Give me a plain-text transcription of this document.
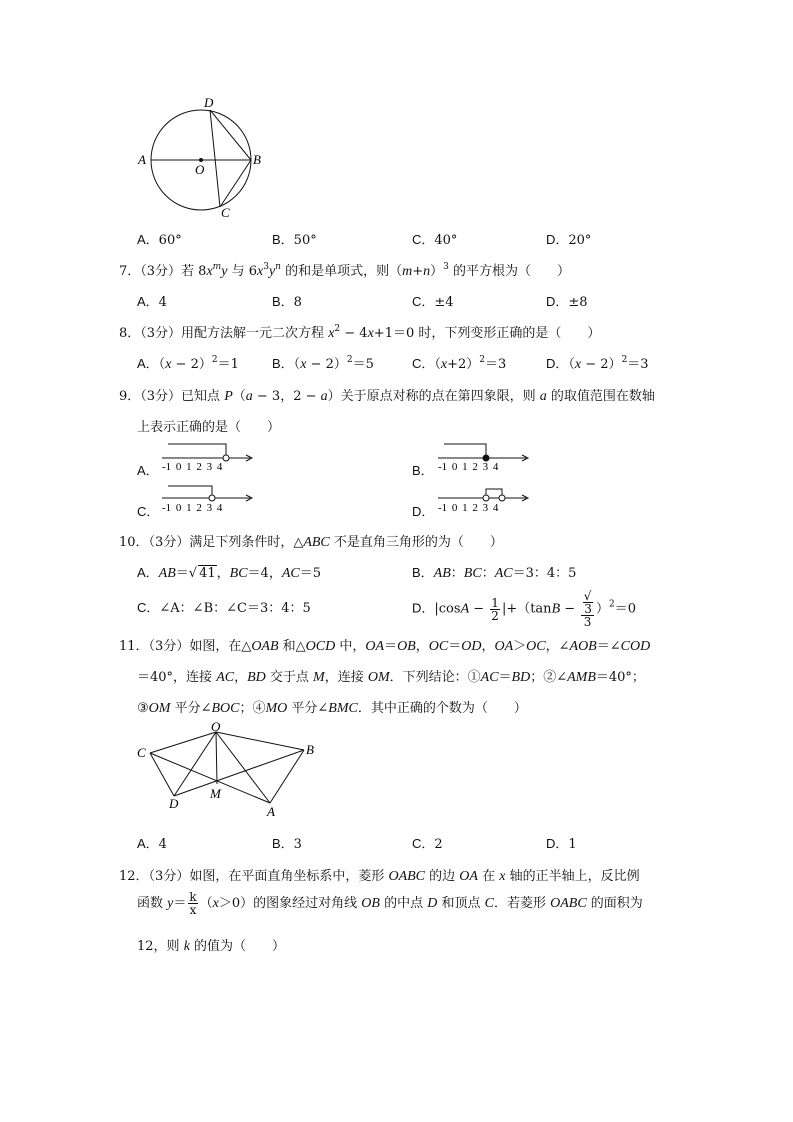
D
A
O
B
C
A．60°	B．50°	C．40°	D．20°
7．（3分）若 $8x^my$ 与 $6x^3y^n$ 的和是单项式，则$(m+n)^3$ 的平方根为（　　）
A．4	B．8	C．±4	D．±8
8．（3分）用配方法解一元二次方程 $x^2 - 4x+1=0$ 时，下列变形正确的是（　　）
A．$(x - 2)^2=1$	B．$(x - 2)^2=5$	C．$(x+2)^2=3$	D．$(x - 2)^2=3$
9．（3分）已知点 P（a − 3，2 − a）关于原点对称的点在第四象限，则 a 的取值范围在数轴
上表示正确的是（　　）
A． -1 0 1 2 3 4	B． -1 0 1 2 3 4
C． -1 0 1 2 3 4	D． -1 0 1 2 3 4
10．（3分）满足下列条件时，△ABC 不是直角三角形的为（　　）
A．AB＝√ 41，BC＝4，AC＝5	B．AB：BC：AC＝3：4：5
C．∠A：∠B：∠C＝3：4：5	D．$|\cos A - \frac{1}{2} |+(\tan B$ − √
3
3 ）$^2$＝0
11．（3分）如图，在△OAB 和△OCD 中，OA＝OB，OC＝OD，OA＞OC，∠AOB＝∠COD
＝40°，连接 AC，BD 交于点 M，连接 OM．下列结论：①AC＝BD；②∠AMB＝40°；
③OM 平分∠BOC；④MO 平分∠BMC．其中正确的个数为（　　）
O
C	B
D
M
A
A．4	B．3	C．2	D．1
12．（3分）如图，在平面直角坐标系中，菱形 OABC 的边 OA 在 x 轴的正半轴上，反比例
函数 $y= \frac{k}{x} (x>0)$的图象经过对角线 OB 的中点 D 和顶点 C．若菱形 OABC 的面积为
12，则 k 的值为（　　）
